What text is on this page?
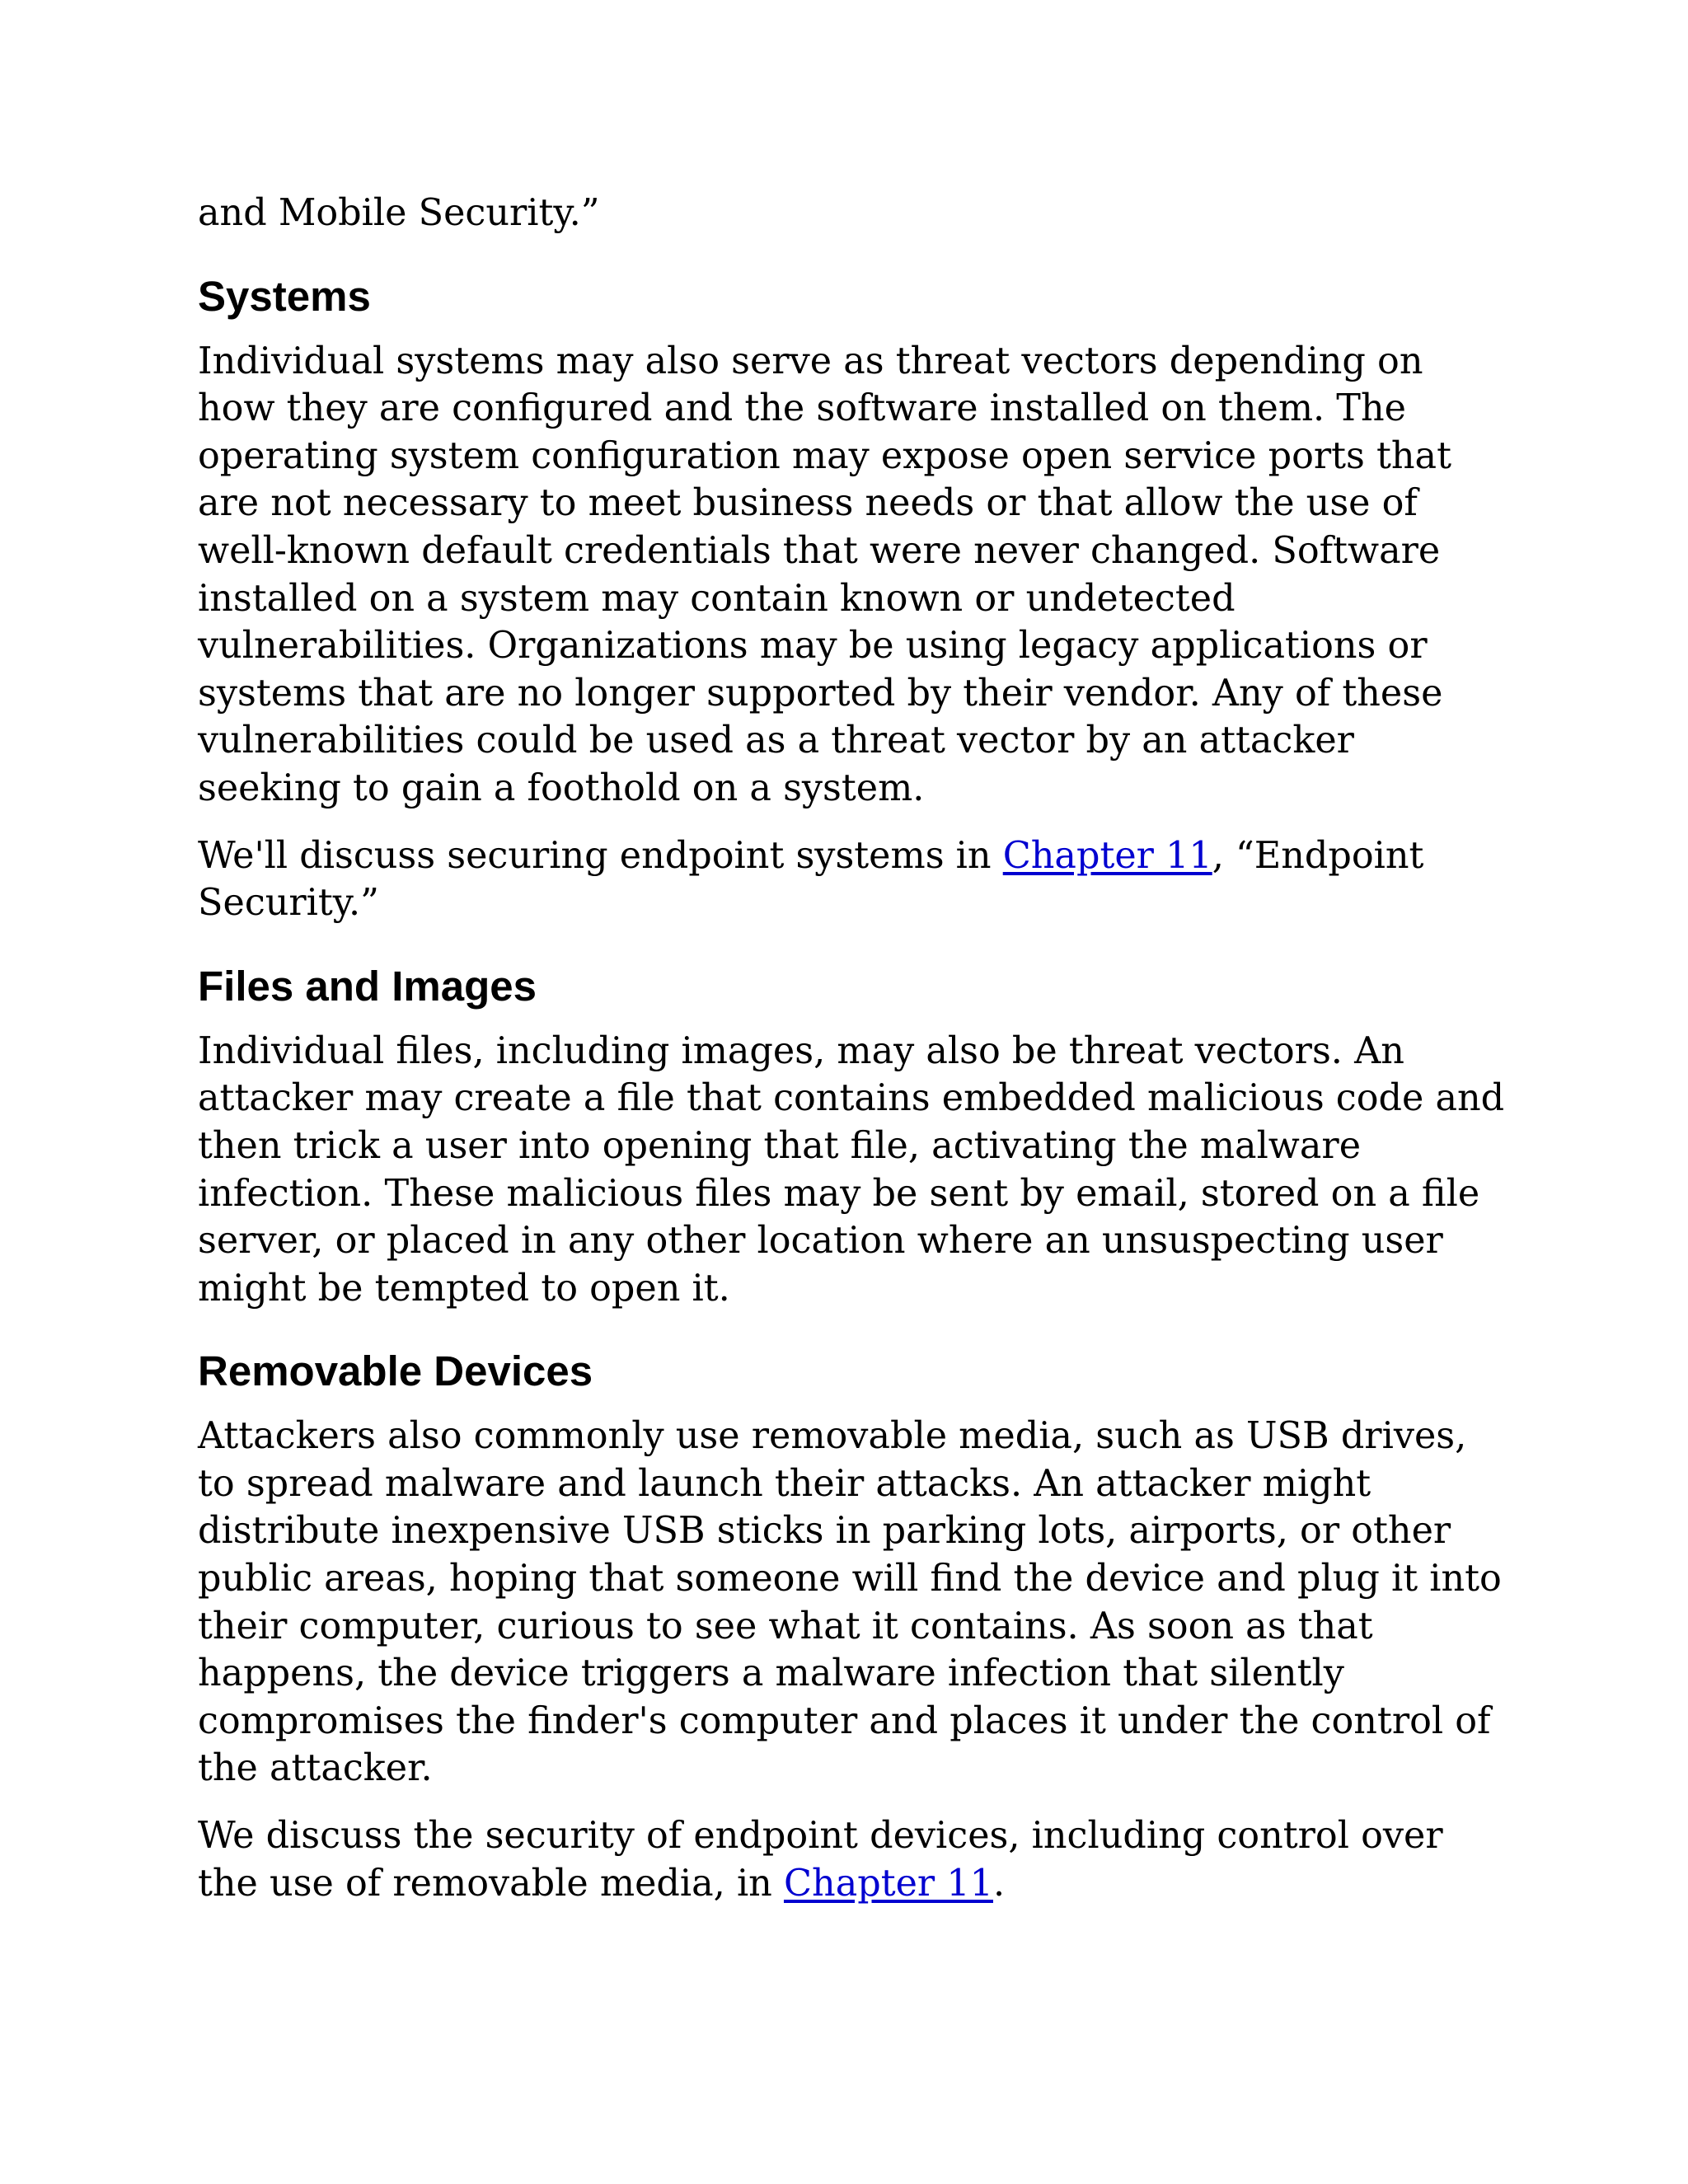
and Mobile Security.”

Systems

Individual systems may also serve as threat vectors depending on how they are configured and the software installed on them. The operating system configuration may expose open service ports that are not necessary to meet business needs or that allow the use of well-known default credentials that were never changed. Software installed on a system may contain known or undetected vulnerabilities. Organizations may be using legacy applications or systems that are no longer supported by their vendor. Any of these vulnerabilities could be used as a threat vector by an attacker seeking to gain a foothold on a system.

We'll discuss securing endpoint systems in Chapter 11, “Endpoint Security.”

Files and Images

Individual files, including images, may also be threat vectors. An attacker may create a file that contains embedded malicious code and then trick a user into opening that file, activating the malware infection. These malicious files may be sent by email, stored on a file server, or placed in any other location where an unsuspecting user might be tempted to open it.

Removable Devices

Attackers also commonly use removable media, such as USB drives, to spread malware and launch their attacks. An attacker might distribute inexpensive USB sticks in parking lots, airports, or other public areas, hoping that someone will find the device and plug it into their computer, curious to see what it contains. As soon as that happens, the device triggers a malware infection that silently compromises the finder's computer and places it under the control of the attacker.

We discuss the security of endpoint devices, including control over the use of removable media, in Chapter 11.
